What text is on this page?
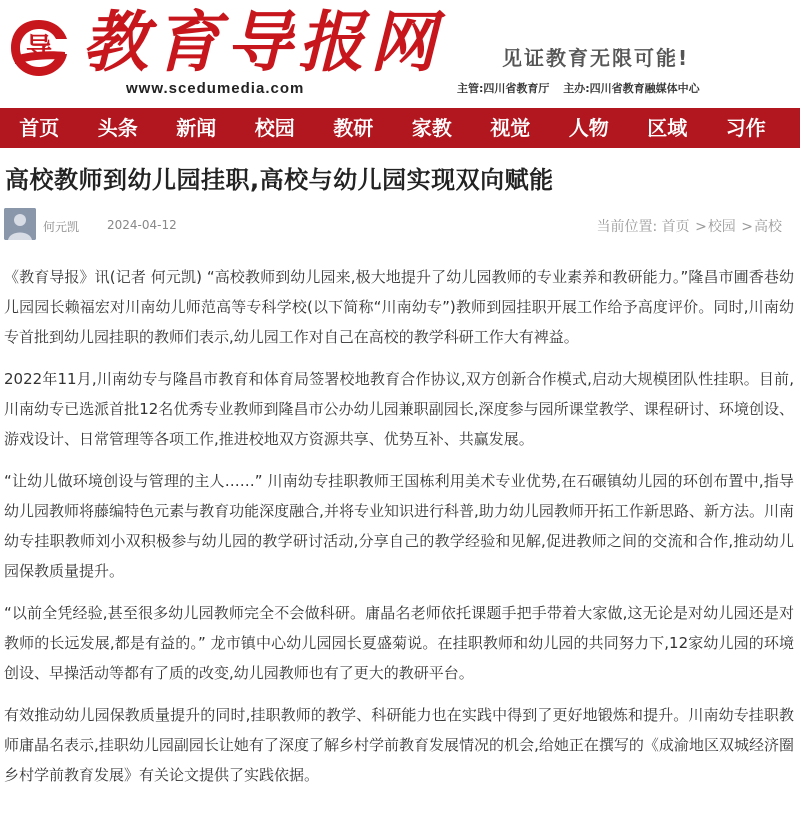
导 教育导报网
www.scedumedia.com
见证教育无限可能!
主管:四川省教育厅 主办:四川省教育融媒体中心
首页	头条	新闻	校园	教研	家教	视觉	人物	区域	习作
高校教师到幼儿园挂职,高校与幼儿园实现双向赋能
何元凯 2024-04-12	当前位置: 首页 >校园 >高校

《教育导报》讯(记者 何元凯) “高校教师到幼儿园来,极大地提升了幼儿园教师的专业素养和教研能力。”隆昌市圃香巷幼儿园园长赖福宏对川南幼儿师范高等专科学校(以下简称“川南幼专”)教师到园挂职开展工作给予高度评价。同时,川南幼专首批到幼儿园挂职的教师们表示,幼儿园工作对自己在高校的教学科研工作大有裨益。

2022年11月,川南幼专与隆昌市教育和体育局签署校地教育合作协议,双方创新合作模式,启动大规模团队性挂职。目前,川南幼专已选派首批12名优秀专业教师到隆昌市公办幼儿园兼职副园长,深度参与园所课堂教学、课程研讨、环境创设、游戏设计、日常管理等各项工作,推进校地双方资源共享、优势互补、共赢发展。

“让幼儿做环境创设与管理的主人……” 川南幼专挂职教师王国栋利用美术专业优势,在石碾镇幼儿园的环创布置中,指导幼儿园教师将藤编特色元素与教育功能深度融合,并将专业知识进行科普,助力幼儿园教师开拓工作新思路、新方法。川南幼专挂职教师刘小双积极参与幼儿园的教学研讨活动,分享自己的教学经验和见解,促进教师之间的交流和合作,推动幼儿园保教质量提升。

“以前全凭经验,甚至很多幼儿园教师完全不会做科研。庸晶名老师依托课题手把手带着大家做,这无论是对幼儿园还是对教师的长远发展,都是有益的。” 龙市镇中心幼儿园园长夏盛菊说。在挂职教师和幼儿园的共同努力下,12家幼儿园的环境创设、早操活动等都有了质的改变,幼儿园教师也有了更大的教研平台。

有效推动幼儿园保教质量提升的同时,挂职教师的教学、科研能力也在实践中得到了更好地锻炼和提升。川南幼专挂职教师庸晶名表示,挂职幼儿园副园长让她有了深度了解乡村学前教育发展情况的机会,给她正在撰写的《成渝地区双城经济圈乡村学前教育发展》有关论文提供了实践依据。
